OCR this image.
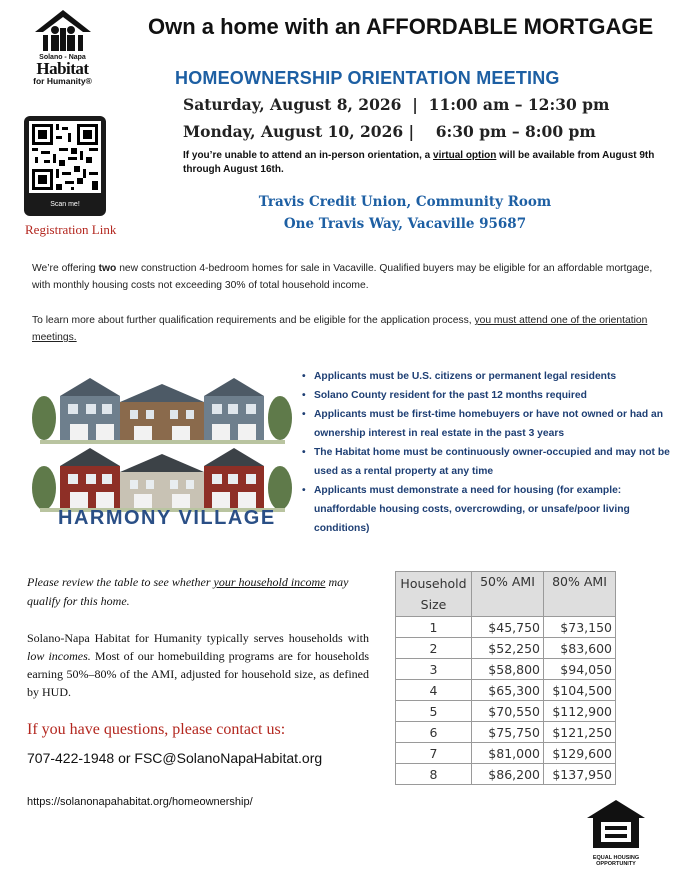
Solano - Napa
Habitat
for Humanity®
Scan me!
Registration Link
Own a home with an AFFORDABLE MORTGAGE
HOMEOWNERSHIP ORIENTATION MEETING
Saturday, August 8, 2026  |  11:00 am – 12:30 pm
Monday, August 10, 2026 |    6:30 pm – 8:00 pm
If you’re unable to attend an in-person orientation, a virtual option will be available from August 9th through August 16th.
Travis Credit Union, Community Room
One Travis Way, Vacaville 95687
We’re offering two new construction 4-bedroom homes for sale in Vacaville. Qualified buyers may be eligible for an affordable mortgage, with monthly housing costs not exceeding 30% of total household income.
To learn more about further qualification requirements and be eligible for the application process, you must attend one of the orientation meetings.
HARMONY VILLAGE
• Applicants must be U.S. citizens or permanent legal residents
• Solano County resident for the past 12 months required
• Applicants must be first-time homebuyers or have not owned or had an ownership interest in real estate in the past 3 years
• The Habitat home must be continuously owner-occupied and may not be used as a rental property at any time
• Applicants must demonstrate a need for housing (for example: unaffordable housing costs, overcrowding, or unsafe/poor living conditions)
Please review the table to see whether your household income may qualify for this home.
Solano-Napa Habitat for Humanity typically serves households with low incomes. Most of our homebuilding programs are for households earning 50%–80% of the AMI, adjusted for household size, as defined by HUD.
If you have questions, please contact us:
707-422-1948 or FSC@SolanoNapaHabitat.org
https://solanonapahabitat.org/homeownership/
Household Size	50% AMI	80% AMI
1	$45,750	$73,150
2	$52,250	$83,600
3	$58,800	$94,050
4	$65,300	$104,500
5	$70,550	$112,900
6	$75,750	$121,250
7	$81,000	$129,600
8	$86,200	$137,950
EQUAL HOUSING OPPORTUNITY
